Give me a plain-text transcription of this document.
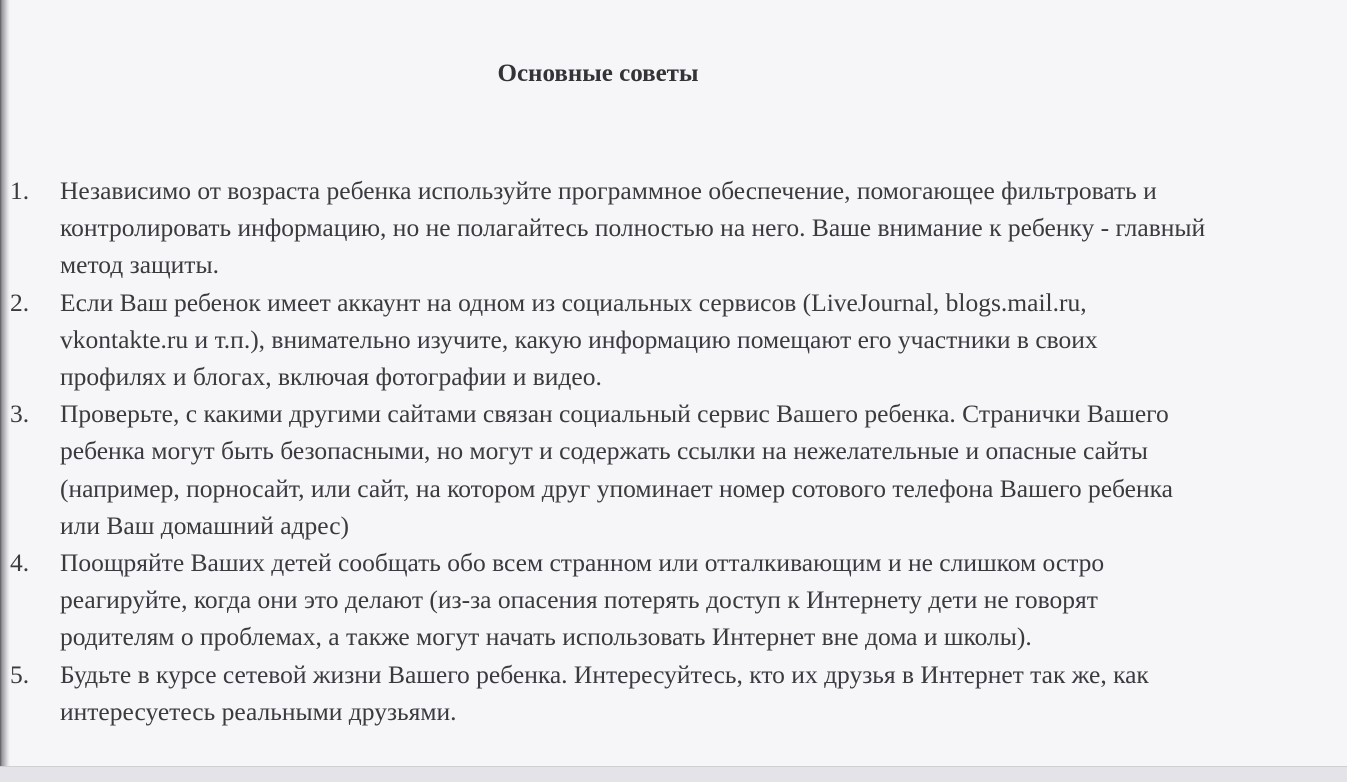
Основные советы
1.	Независимо от возраста ребенка используйте программное обеспечение, помогающее фильтровать и контролировать информацию, но не полагайтесь полностью на него. Ваше внимание к ребенку - главный метод защиты.
2.	Если Ваш ребенок имеет аккаунт на одном из социальных сервисов (LiveJournal, blogs.mail.ru, vkontakte.ru и т.п.), внимательно изучите, какую информацию помещают его участники в своих профилях и блогах, включая фотографии и видео.
3.	Проверьте, с какими другими сайтами связан социальный сервис Вашего ребенка. Странички Вашего ребенка могут быть безопасными, но могут и содержать ссылки на нежелательные и опасные сайты (например, порносайт, или сайт, на котором друг упоминает номер сотового телефона Вашего ребенка или Ваш домашний адрес)
4.	Поощряйте Ваших детей сообщать обо всем странном или отталкивающим и не слишком остро реагируйте, когда они это делают (из-за опасения потерять доступ к Интернету дети не говорят родителям о проблемах, а также могут начать использовать Интернет вне дома и школы).
5.	Будьте в курсе сетевой жизни Вашего ребенка. Интересуйтесь, кто их друзья в Интернет так же, как интересуетесь реальными друзьями.
